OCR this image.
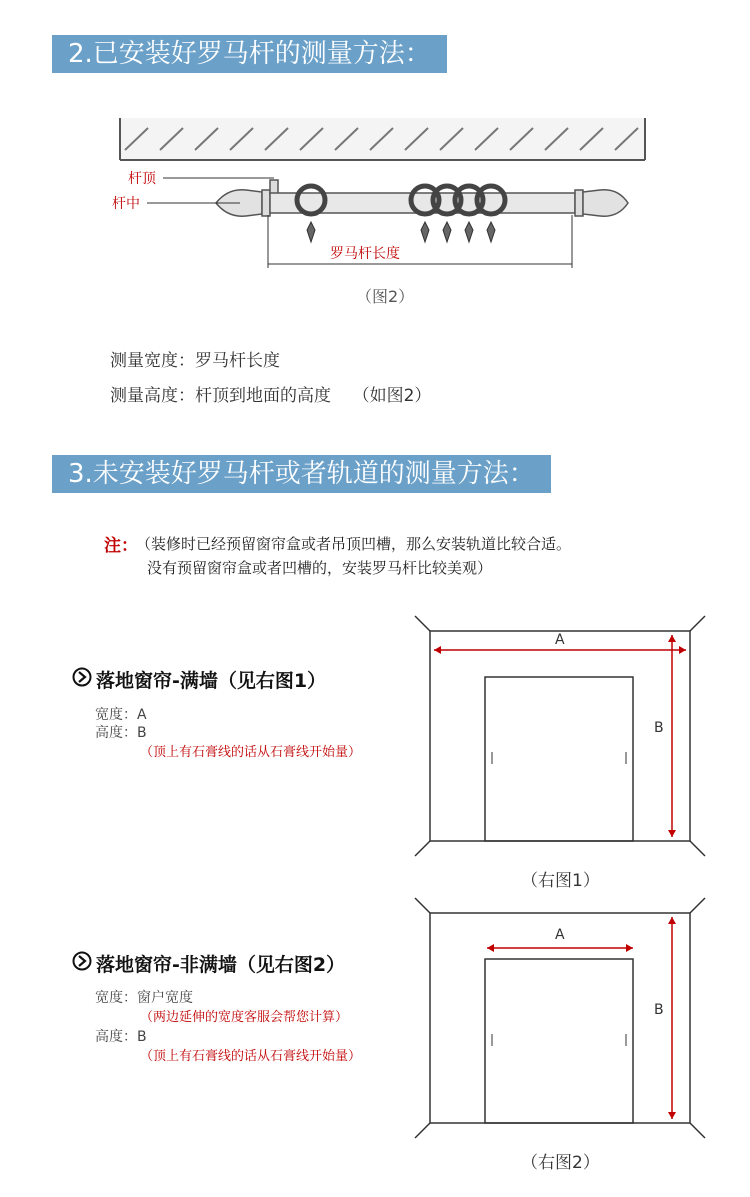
2.已安装好罗马杆的测量方法：
杆顶
杆中
罗马杆长度
（图2）
测量宽度：罗马杆长度
测量高度：杆顶到地面的高度    （如图2）
3.未安装好罗马杆或者轨道的测量方法：
注：
（装修时已经预留窗帘盒或者吊顶凹槽，那么安装轨道比较合适。
没有预留窗帘盒或者凹槽的，安装罗马杆比较美观）
落地窗帘-满墙（见右图1）
宽度：A
高度：B
（顶上有石膏线的话从石膏线开始量）
A
B
（右图1）
落地窗帘-非满墙（见右图2）
宽度：窗户宽度
（两边延伸的宽度客服会帮您计算）
高度：B
（顶上有石膏线的话从石膏线开始量）
A
B
（右图2）
